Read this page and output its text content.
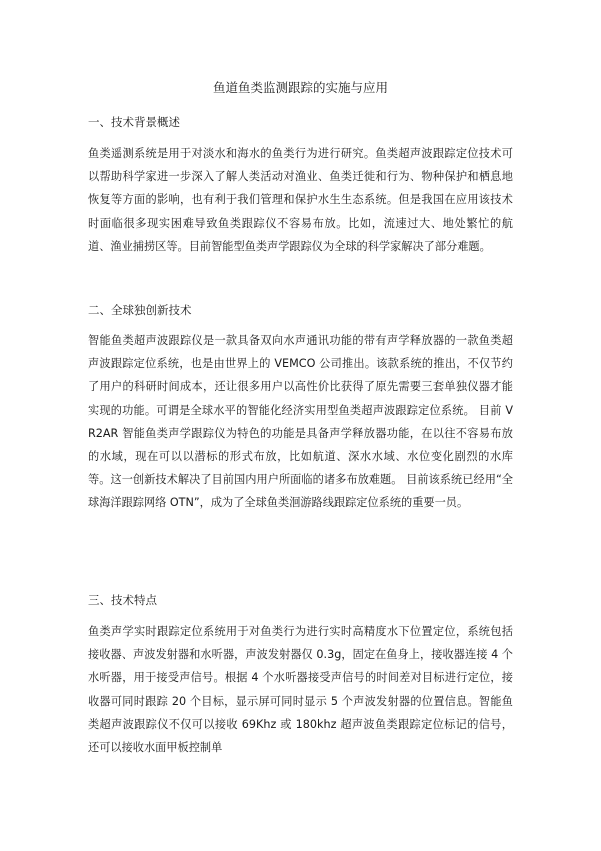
鱼道鱼类监测跟踪的实施与应用
一、技术背景概述
鱼类遥测系统是用于对淡水和海水的鱼类行为进行研究。鱼类超声波跟踪定位技术可以帮助科学家进一步深入了解人类活动对渔业、鱼类迁徙和行为、物种保护和栖息地恢复等方面的影响，也有利于我们管理和保护水生生态系统。但是我国在应用该技术时面临很多现实困难导致鱼类跟踪仪不容易布放。比如，流速过大、地处繁忙的航道、渔业捕捞区等。目前智能型鱼类声学跟踪仪为全球的科学家解决了部分难题。
二、全球独创新技术
智能鱼类超声波跟踪仪是一款具备双向水声通讯功能的带有声学释放器的一款鱼类超声波跟踪定位系统，也是由世界上的 VEMCO 公司推出。该款系统的推出，不仅节约了用户的科研时间成本，还让很多用户以高性价比获得了原先需要三套单独仪器才能实现的功能。可谓是全球水平的智能化经济实用型鱼类超声波跟踪定位系统。 目前 VR2AR 智能鱼类声学跟踪仪为特色的功能是具备声学释放器功能，在以往不容易布放的水域，现在可以以潜标的形式布放，比如航道、深水水域、水位变化剧烈的水库等。这一创新技术解决了目前国内用户所面临的诸多布放难题。 目前该系统已经用“全球海洋跟踪网络 OTN”，成为了全球鱼类洄游路线跟踪定位系统的重要一员。
三、技术特点
鱼类声学实时跟踪定位系统用于对鱼类行为进行实时高精度水下位置定位，系统包括接收器、声波发射器和水听器，声波发射器仅 0.3g，固定在鱼身上，接收器连接 4 个水听器，用于接受声信号。根据 4 个水听器接受声信号的时间差对目标进行定位，接收器可同时跟踪 20 个目标，显示屏可同时显示 5 个声波发射器的位置信息。智能鱼类超声波跟踪仪不仅可以接收 69Khz 或 180khz 超声波鱼类跟踪定位标记的信号，还可以接收水面甲板控制单
